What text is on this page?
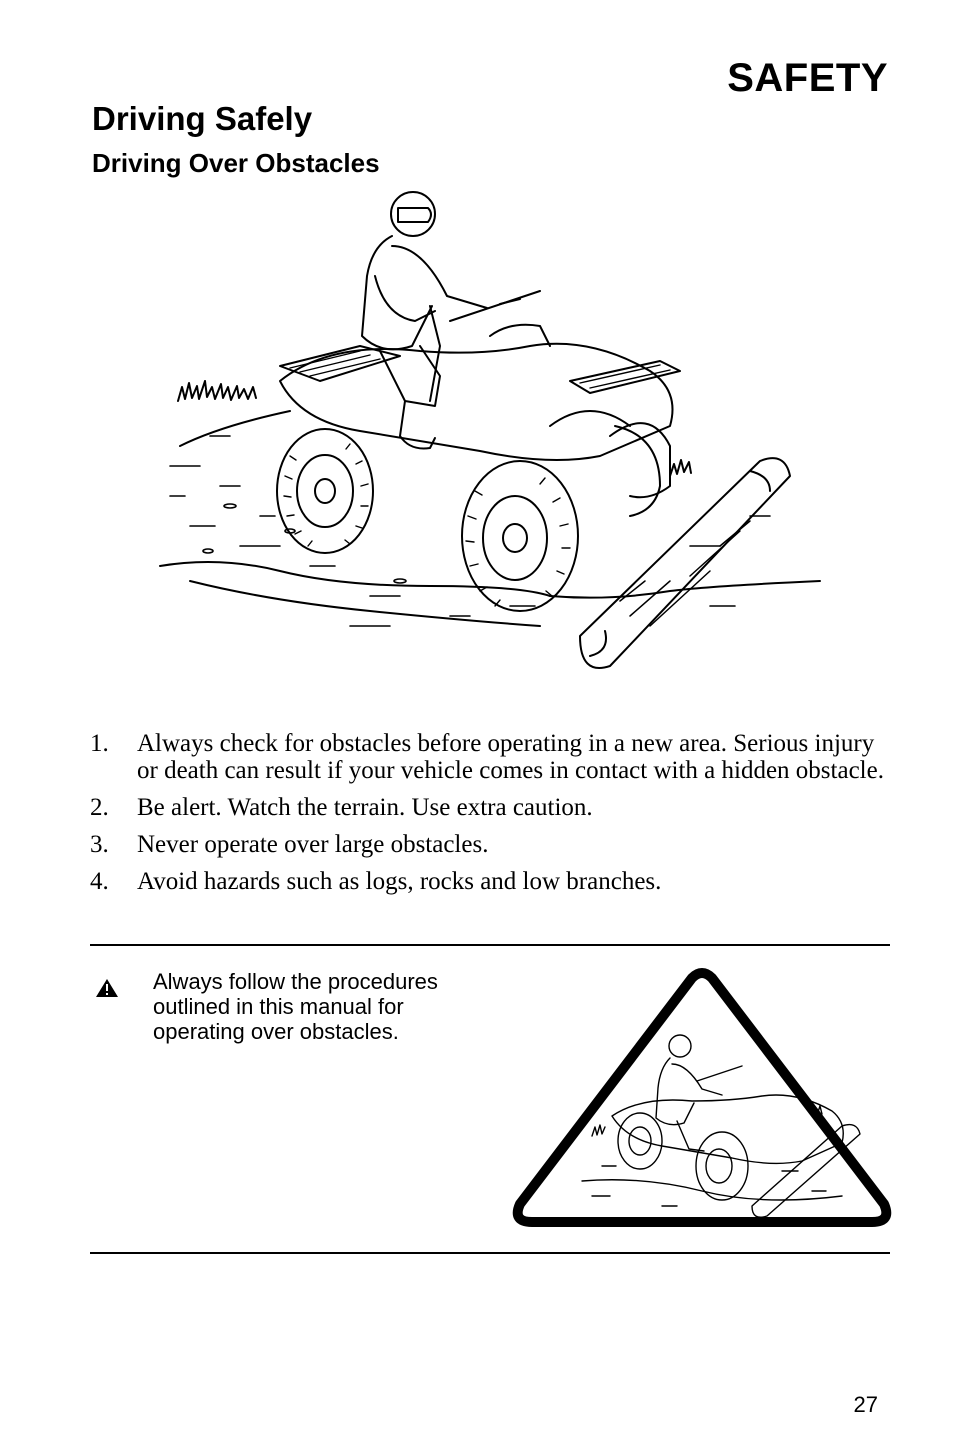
SAFETY
Driving Safely
Driving Over Obstacles
1. Always check for obstacles before operating in a new area. Serious injury or death can result if your vehicle comes in contact with a hidden obstacle.
2. Be alert. Watch the terrain. Use extra caution.
3. Never operate over large obstacles.
4. Avoid hazards such as logs, rocks and low branches.
Always follow the procedures outlined in this manual for operating over obstacles.
27
